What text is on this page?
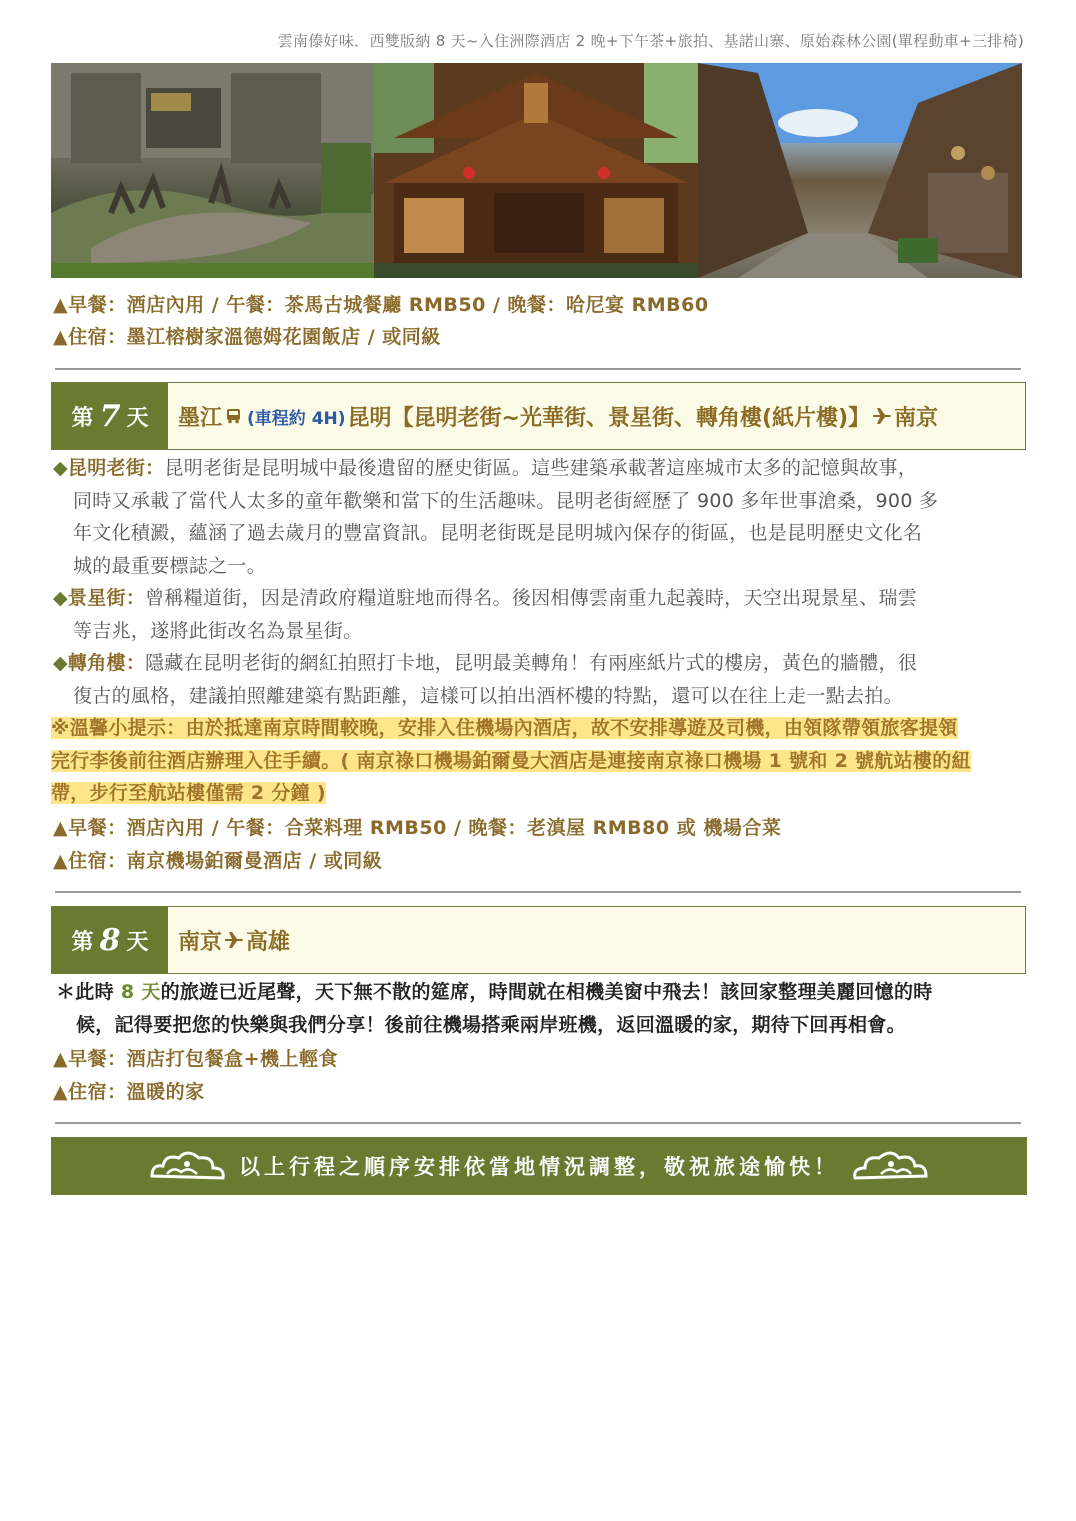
雲南傣好味．西雙版納 8 天~入住洲際酒店 2 晚+下午茶+旅拍、基諾山寨、原始森林公園(單程動車+三排椅)
▲早餐：酒店內用 / 午餐：茶馬古城餐廳 RMB50 / 晚餐：哈尼宴 RMB60
▲住宿：墨江榕樹家溫德姆花園飯店 / 或同級
第 7 天 墨江 (車程約 4H) 昆明【昆明老街~光華街、景星街、轉角樓(紙片樓)】 南京
◆昆明老街：昆明老街是昆明城中最後遺留的歷史街區。這些建築承載著這座城市太多的記憶與故事，
同時又承載了當代人太多的童年歡樂和當下的生活趣味。昆明老街經歷了 900 多年世事滄桑，900 多
年文化積澱，蘊涵了過去歲月的豐富資訊。昆明老街既是昆明城內保存的街區，也是昆明歷史文化名
城的最重要標誌之一。
◆景星街：曾稱糧道街，因是清政府糧道駐地而得名。後因相傳雲南重九起義時，天空出現景星、瑞雲
等吉兆，遂將此街改名為景星街。
◆轉角樓：隱藏在昆明老街的網紅拍照打卡地，昆明最美轉角！有兩座紙片式的樓房，黃色的牆體，很
復古的風格，建議拍照離建築有點距離，這樣可以拍出酒杯樓的特點，還可以在往上走一點去拍。
※溫馨小提示：由於抵達南京時間較晚，安排入住機場內酒店，故不安排導遊及司機，由領隊帶領旅客提領
完行李後前往酒店辦理入住手續。( 南京祿口機場鉑爾曼大酒店是連接南京祿口機場 1 號和 2 號航站樓的紐
帶，步行至航站樓僅需 2 分鐘 )
▲早餐：酒店內用 / 午餐：合菜料理 RMB50 / 晚餐：老滇屋 RMB80 或 機場合菜
▲住宿：南京機場鉑爾曼酒店 / 或同級
第 8 天 南京 高雄
＊此時 8 天的旅遊已近尾聲，天下無不散的筵席，時間就在相機美窗中飛去！該回家整理美麗回憶的時
候，記得要把您的快樂與我們分享！後前往機場搭乘兩岸班機，返回溫暖的家，期待下回再相會。
▲早餐：酒店打包餐盒+機上輕食
▲住宿：溫暖的家
以上行程之順序安排依當地情況調整，敬祝旅途愉快！
